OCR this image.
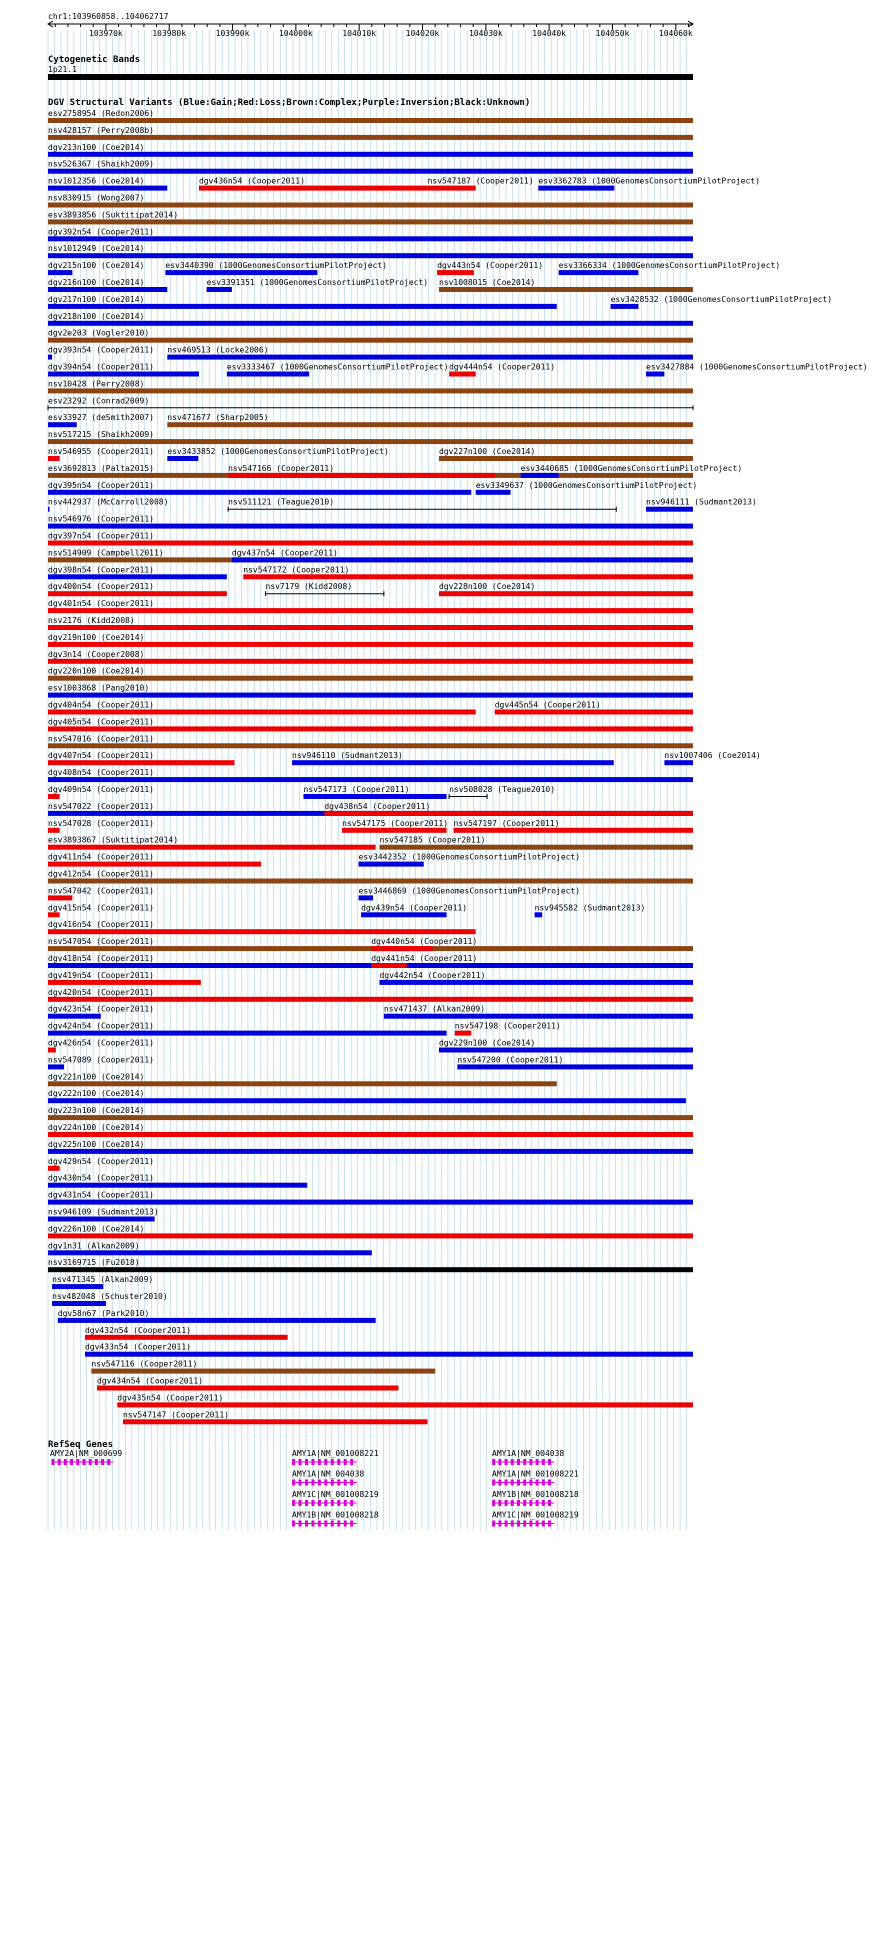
chr1:103960858..104062717
103970k	103980k	103990k	104000k	104010k	104020k	104030k	104040k	104050k	104060k
Cytogenetic Bands
1p21.1
DGV Structural Variants (Blue:Gain;Red:Loss;Brown:Complex;Purple:Inversion;Black:Unknown)
esv2758954 (Redon2006)
nsv428157 (Perry2008b)
dgv213n100 (Coe2014)
nsv526367 (Shaikh2009)
nsv1012356 (Coe2014)	dgv436n54 (Cooper2011)	nsv547187 (Cooper2011) esv3362783 (1000GenomesConsortiumPilotProject)
nsv830915 (Wong2007)
esv3893856 (Suktitipat2014)
dgv392n54 (Cooper2011)
nsv1012949 (Coe2014)
dgv215n100 (Coe2014)	esv3440390 (1000GenomesConsortiumPilotProject)	dgv443n54 (Cooper2011) esv3366334 (1000GenomesConsortiumPilotProject)
dgv216n100 (Coe2014)	esv3391351 (1000GenomesConsortiumPilotProject) nsv1008015 (Coe2014)
dgv217n100 (Coe2014)	esv3428532 (1000GenomesConsortiumPilotProject)
dgv218n100 (Coe2014)
dgv2e203 (Vogler2010)
dgv393n54 (Cooper2011) nsv469513 (Locke2006)
dgv394n54 (Cooper2011)	esv3333467 (1000GenomesConsortiumPilotProject) dgv444n54 (Cooper2011)	esv3427884 (1000GenomesConsortiumPilotProject)
nsv10428 (Perry2008)
esv23292 (Conrad2009)
esv33927 (deSmith2007) nsv471677 (Sharp2005)
nsv517215 (Shaikh2009)
nsv546955 (Cooper2011) esv3433852 (1000GenomesConsortiumPilotProject)	dgv227n100 (Coe2014)
esv3692813 (Palta2015)	nsv547166 (Cooper2011)	esv3440685 (1000GenomesConsortiumPilotProject)
dgv395n54 (Cooper2011)	esv3349637 (1000GenomesConsortiumPilotProject)
nsv442937 (McCarroll2008)	nsv511121 (Teague2010)	nsv946111 (Sudmant2013)
nsv546976 (Cooper2011)
dgv397n54 (Cooper2011)
nsv514909 (Campbell2011)	dgv437n54 (Cooper2011)
dgv398n54 (Cooper2011)	nsv547172 (Cooper2011)
dgv400n54 (Cooper2011)	nsv7179 (Kidd2008)	dgv228n100 (Coe2014)
dgv401n54 (Cooper2011)
nsv2176 (Kidd2008)
dgv219n100 (Coe2014)
dgv3n14 (Cooper2008)
dgv220n100 (Coe2014)
esv1003868 (Pang2010)
dgv404n54 (Cooper2011)	dgv445n54 (Cooper2011)
dgv405n54 (Cooper2011)
nsv547016 (Cooper2011)
dgv407n54 (Cooper2011)	nsv946110 (Sudmant2013)	nsv1007406 (Coe2014)
dgv408n54 (Cooper2011)
dgv409n54 (Cooper2011)	nsv547173 (Cooper2011)	nsv508028 (Teague2010)
nsv547022 (Cooper2011)	dgv438n54 (Cooper2011)
nsv547028 (Cooper2011)	nsv547175 (Cooper2011) nsv547197 (Cooper2011)
esv3893867 (Suktitipat2014)	nsv547185 (Cooper2011)
dgv411n54 (Cooper2011)	esv3442352 (1000GenomesConsortiumPilotProject)
dgv412n54 (Cooper2011)
nsv547042 (Cooper2011)	esv3446869 (1000GenomesConsortiumPilotProject)
dgv415n54 (Cooper2011)	dgv439n54 (Cooper2011)	nsv945582 (Sudmant2013)
dgv416n54 (Cooper2011)
nsv547054 (Cooper2011)	dgv440n54 (Cooper2011)
dgv418n54 (Cooper2011)	dgv441n54 (Cooper2011)
dgv419n54 (Cooper2011)	dgv442n54 (Cooper2011)
dgv420n54 (Cooper2011)
dgv423n54 (Cooper2011)	nsv471437 (Alkan2009)
dgv424n54 (Cooper2011)	nsv547198 (Cooper2011)
dgv426n54 (Cooper2011)	dgv229n100 (Coe2014)
nsv547089 (Cooper2011)	nsv547200 (Cooper2011)
dgv221n100 (Coe2014)
dgv222n100 (Coe2014)
dgv223n100 (Coe2014)
dgv224n100 (Coe2014)
dgv225n100 (Coe2014)
dgv429n54 (Cooper2011)
dgv430n54 (Cooper2011)
dgv431n54 (Cooper2011)
nsv946109 (Sudmant2013)
dgv226n100 (Coe2014)
dgv1n31 (Alkan2009)
nsv3169715 (Fu2018)
nsv471345 (Alkan2009)
nsv482048 (Schuster2010)
dgv58n67 (Park2010)
dgv432n54 (Cooper2011)
dgv433n54 (Cooper2011)
nsv547116 (Cooper2011)
dgv434n54 (Cooper2011)
dgv435n54 (Cooper2011)
nsv547147 (Cooper2011)
RefSeq Genes
AMY2A|NM_000699	AMY1A|NM_001008221
AMY1A|NM_004038
AMY1C|NM_001008219
AMY1B|NM_001008218
AMY1A|NM_004038
AMY1A|NM_001008221
AMY1B|NM_001008218
AMY1C|NM_001008219
